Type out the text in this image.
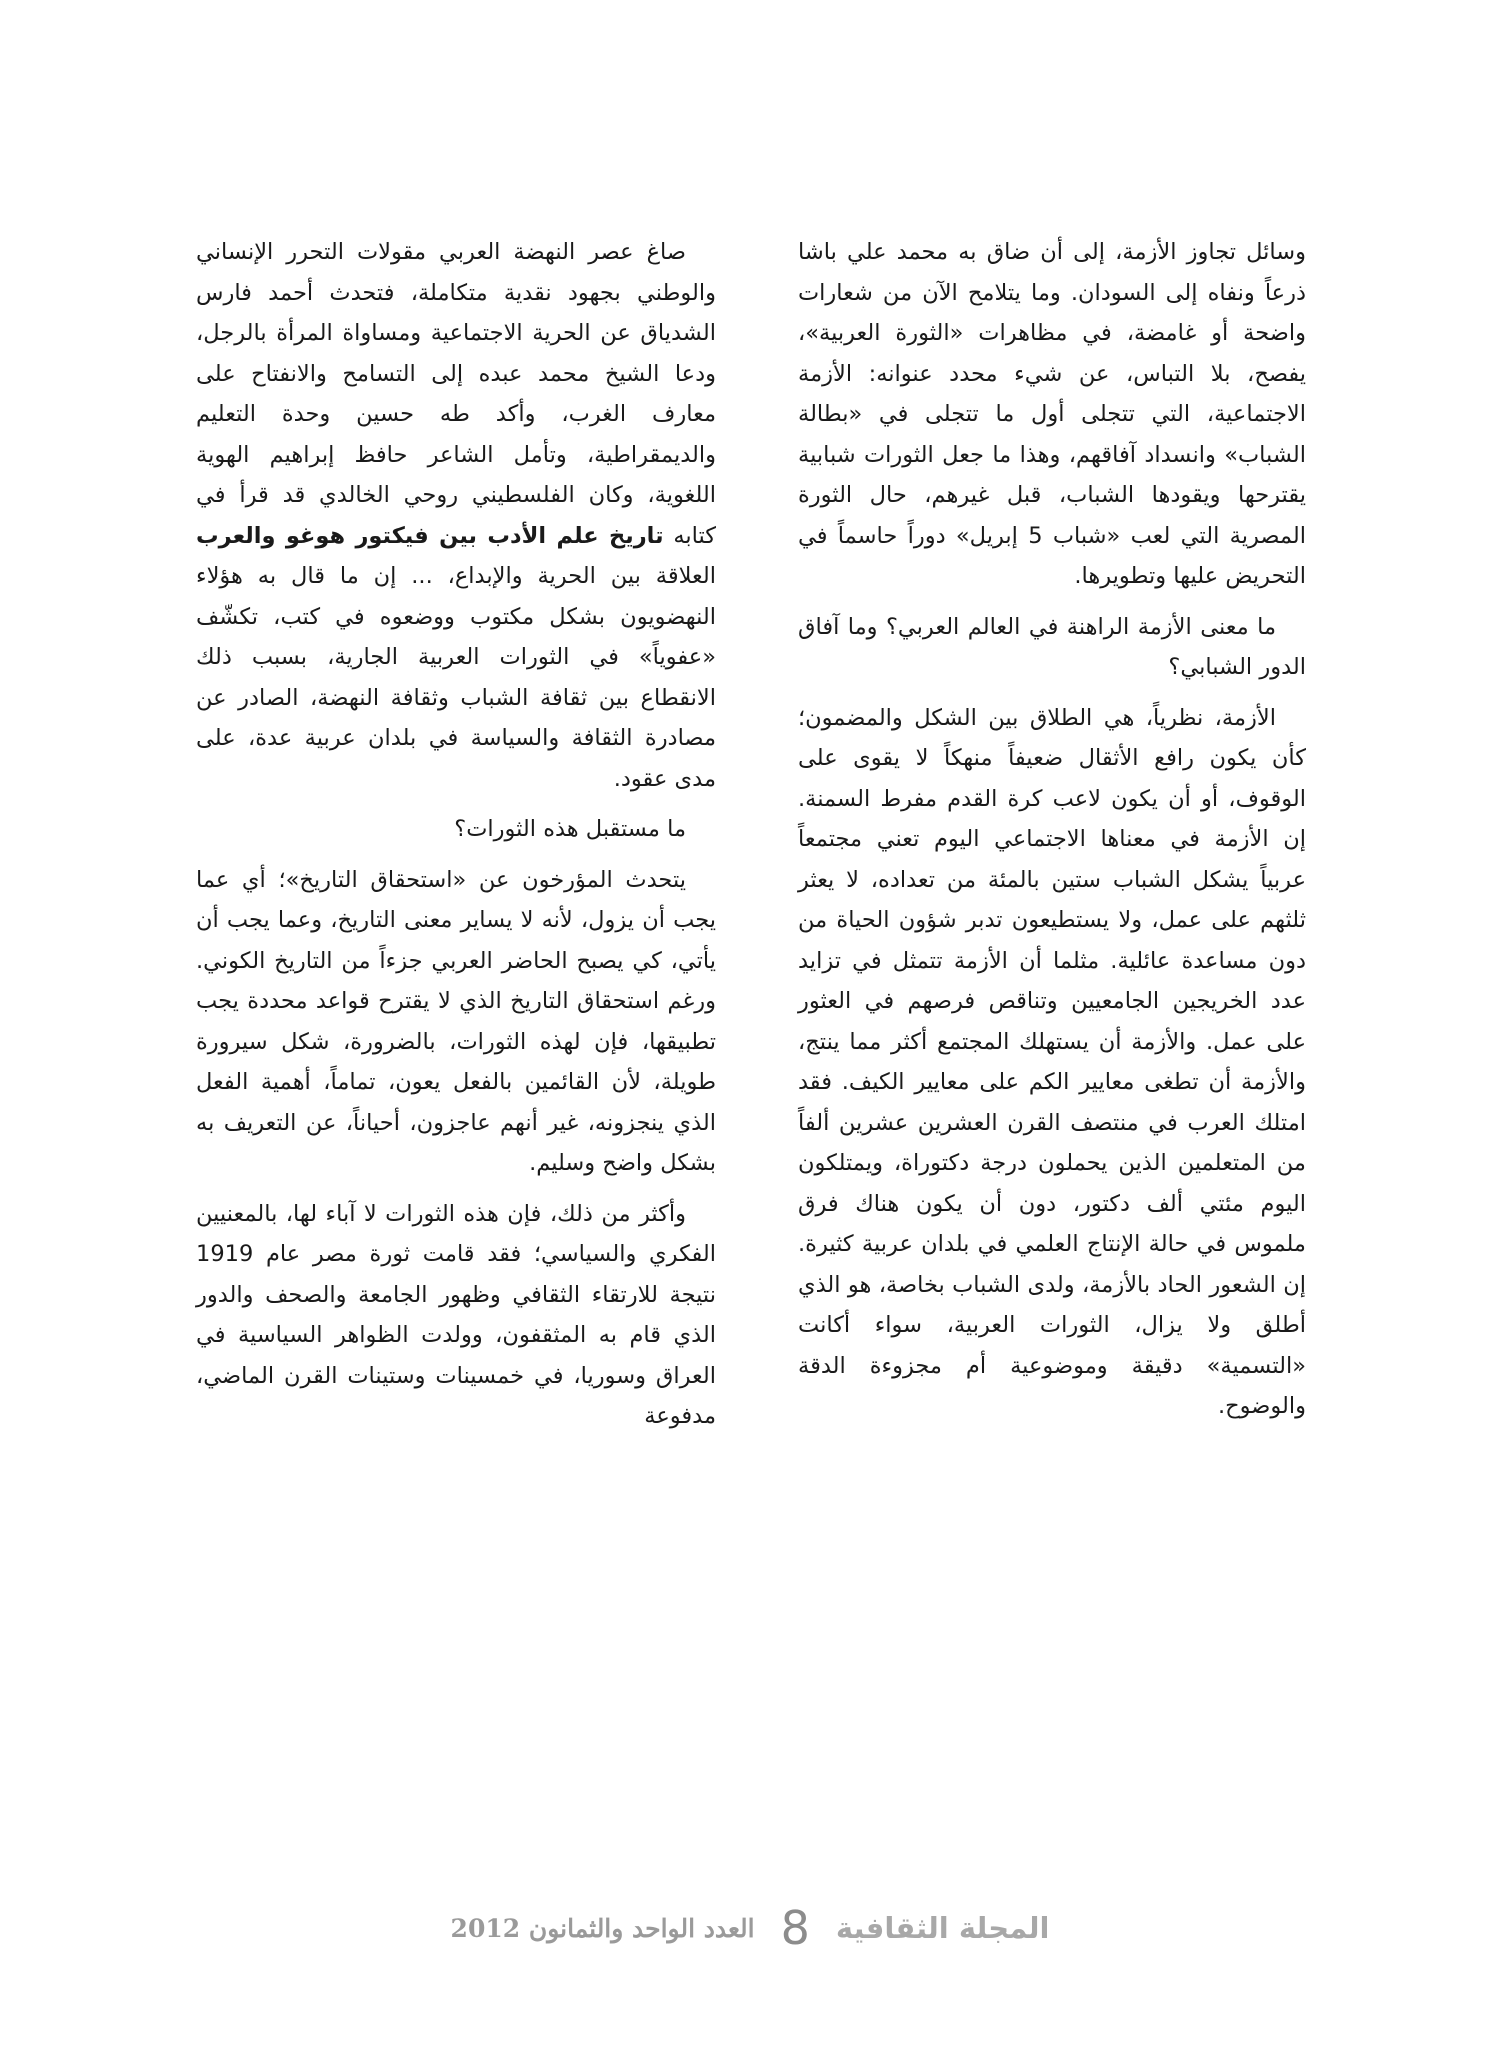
وسائل تجاوز الأزمة، إلى أن ضاق به محمد علي باشا ذرعاً ونفاه إلى السودان. وما يتلامح الآن من شعارات واضحة أو غامضة، في مظاهرات «الثورة العربية»، يفصح، بلا التباس، عن شيء محدد عنوانه: الأزمة الاجتماعية، التي تتجلى أول ما تتجلى في «بطالة الشباب» وانسداد آفاقهم، وهذا ما جعل الثورات شبابية يقترحها ويقودها الشباب، قبل غيرهم، حال الثورة المصرية التي لعب «شباب 5 إبريل» دوراً حاسماً في التحريض عليها وتطويرها.

ما معنى الأزمة الراهنة في العالم العربي؟ وما آفاق الدور الشبابي؟

الأزمة، نظرياً، هي الطلاق بين الشكل والمضمون؛ كأن يكون رافع الأثقال ضعيفاً منهكاً لا يقوى على الوقوف، أو أن يكون لاعب كرة القدم مفرط السمنة. إن الأزمة في معناها الاجتماعي اليوم تعني مجتمعاً عربياً يشكل الشباب ستين بالمئة من تعداده، لا يعثر ثلثهم على عمل، ولا يستطيعون تدبر شؤون الحياة من دون مساعدة عائلية. مثلما أن الأزمة تتمثل في تزايد عدد الخريجين الجامعيين وتناقص فرصهم في العثور على عمل. والأزمة أن يستهلك المجتمع أكثر مما ينتج، والأزمة أن تطغى معايير الكم على معايير الكيف. فقد امتلك العرب في منتصف القرن العشرين عشرين ألفاً من المتعلمين الذين يحملون درجة دكتوراة، ويمتلكون اليوم مئتي ألف دكتور، دون أن يكون هناك فرق ملموس في حالة الإنتاج العلمي في بلدان عربية كثيرة. إن الشعور الحاد بالأزمة، ولدى الشباب بخاصة، هو الذي أطلق ولا يزال، الثورات العربية، سواء أكانت «التسمية» دقيقة وموضوعية أم مجزوءة الدقة والوضوح.

صاغ عصر النهضة العربي مقولات التحرر الإنساني والوطني بجهود نقدية متكاملة، فتحدث أحمد فارس الشدياق عن الحرية الاجتماعية ومساواة المرأة بالرجل، ودعا الشيخ محمد عبده إلى التسامح والانفتاح على معارف الغرب، وأكد طه حسين وحدة التعليم والديمقراطية، وتأمل الشاعر حافظ إبراهيم الهوية اللغوية، وكان الفلسطيني روحي الخالدي قد قرأ في كتابه تاريخ علم الأدب بين فيكتور هوغو والعرب العلاقة بين الحرية والإبداع، ... إن ما قال به هؤلاء النهضويون بشكل مكتوب ووضعوه في كتب، تكشّف «عفوياً» في الثورات العربية الجارية، بسبب ذلك الانقطاع بين ثقافة الشباب وثقافة النهضة، الصادر عن مصادرة الثقافة والسياسة في بلدان عربية عدة، على مدى عقود.

ما مستقبل هذه الثورات؟

يتحدث المؤرخون عن «استحقاق التاريخ»؛ أي عما يجب أن يزول، لأنه لا يساير معنى التاريخ، وعما يجب أن يأتي، كي يصبح الحاضر العربي جزءاً من التاريخ الكوني. ورغم استحقاق التاريخ الذي لا يقترح قواعد محددة يجب تطبيقها، فإن لهذه الثورات، بالضرورة، شكل سيرورة طويلة، لأن القائمين بالفعل يعون، تماماً، أهمية الفعل الذي ينجزونه، غير أنهم عاجزون، أحياناً، عن التعريف به بشكل واضح وسليم.

وأكثر من ذلك، فإن هذه الثورات لا آباء لها، بالمعنيين الفكري والسياسي؛ فقد قامت ثورة مصر عام 1919 نتيجة للارتقاء الثقافي وظهور الجامعة والصحف والدور الذي قام به المثقفون، وولدت الظواهر السياسية في العراق وسوريا، في خمسينات وستينات القرن الماضي، مدفوعة

المجلة الثقافية
8
العدد الواحد والثمانون 2012
